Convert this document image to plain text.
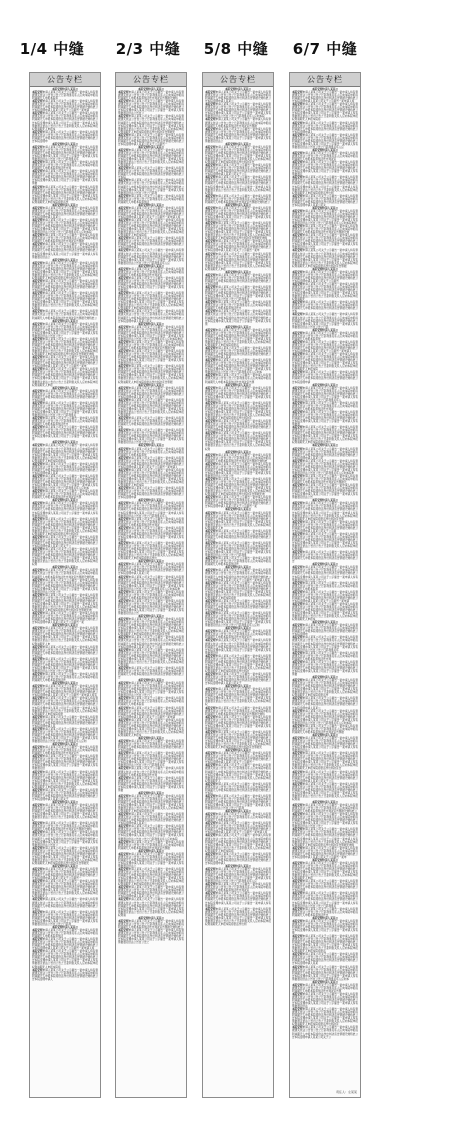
1/4 中缝	2/3 中缝	5/8 中缝	6/7 中缝
公告专栏
本院受理申请人某某公
本院受理申请人某某公司关于公示催告一案申请人持有票据遗失依法公告自公告之日起利害关系人应向本院申报权利逾期无人申报本院将
本院受理申请人某某公司关于公示催告一案申请人持有票据遗失依法公告自公告之日起利害关系人应向本院申报权利逾期无人申报本院将依法作出判决宣告票据无效特此公告本院受理申请人某某公司关于公示催告一案申请
本院受理申请人某某公司关于公示催告一案申请人持有票据遗失依法公告自公告之日起利害关系人应向本院申报权利逾期无人申报本院将依法作出判决宣告票据无效特此公告本院受理申请人某某公司关于公示催告一案申请人持有票据遗失依法公告自公告之日起利害关系人应向本院申报权利逾期无人申报本
本院受理申请人某某公司关于公示催告一案申请人持有票据遗失依法公告自公告之日起利害关系人应向本院申报权利逾期无人申报本院将依法作出判决宣告票据无效特此公告本院受理申
本院受理申请人某某公
本院受理申请人某某公司关于公示催告一案申请人持有票据遗失依法公告自公告之日起利害关系人应向本院申报权利逾期无人申报本院将依法作出判决宣告票据无效特此公告本院受理申请人某某公司关于公示催告一案申请人持有票据遗失依法公告自公告之日起利害关系
本院受理申请人某某公司关于公示催告一案申请人持有票据遗失依法公告自公告之日起利害关系人应向本院申报权利逾期无人申报本院将依法作出判
本院受理申请人某某公司关于公示催告一案申请人持有票据遗失依法公告自公告之日起利害关系人应向本院申报权利逾期无人申报本院将依法作出判决宣告票据无效特此公告本院受理申请人某某公司关于公示催告一案申请人持有票据
本院受理申请人某某公司关于公示催告一案申请人持有票据遗失依法公告自公告之日起利害关系人应向本院申报权利逾期无人申报本院将依法作出判决宣告票据无效特此公告本院受理申请人某某公司关于公示催告一案申请人持有票据遗失依法公告自公告之日起利害关系人应向本院申报权利逾期无人申报本院将依法作
本院受理申请人某某公
本院受理申请人某某公司关于公示催告一案申请人持有票据遗失依法公告自公告之日起利害关系人应向本院申报权利逾期无人申报本院将依法作出判决宣告票据无效特此公告本院受理申请人某某公
本院受理申请人某某公司关于公示催告一案申请人持有票据遗失依法公告自公告之日起利害关系人应向本院申报权利逾期无人申报本院将依法作出判决宣告票据无效特此公告本院受理申请人某某公司关于公示催告一案申请人持有票据遗失依法公告自公告之日起利害关系人应向本院
本院受理申请人某某公司关于公示催告一案申请人持有票据遗失依法公告自公告之日起利害关系人应向本院申报权利逾期无人申报本院将依法作出判决宣告票据
本院受理申请人某某公司关于公示催告一案申请人持有票据遗失依法公告自公告之日起利害关系人应向本院申报权利逾期无人申报本院将依法作出判决宣告票据无效特此公告本院受理申请人某某公司关于公示催告一案申请人持有票据遗失依法公
本院受理申请人某某公
本院受理申请人某某公司关于公示催告一案申请人持有票据遗失依法公告自公告之日起利害关系人应向本院申报权利逾期无人申报本院将依法作出判决宣告票据无效特此公告本院受理申请人某某公司关于公示催告一案申请人持有票据遗失依法公告自公告之日起利害关系人应向本院申报权利逾期无人申报本院将依法作出判决宣告
本院受理申请人某某公司关于公示催告一案申请人持有票据遗失依法公告自公告之日起利害关系人应向本院申报权利逾期无人申报本院将依法作出判决宣告票据无效特此公告本院受理申请人某某公司关于公示
本院受理申请人某某公司关于公示催告一案申请人持有票据遗失依法公告自公告之日起利害关系人应向本院申报权利逾期无人申报本院将依法作出判决宣告票据无效特此公告本院受理申请人某某公司关于公示催告一案申请人持有票据遗失依法公告自公告之日起利害关系人应向本院申报权利逾
本院受理申请人某某公司关于公示催告一案申请人持有票据遗失依法公告自公告之日起利害关系人应向本院申报权利逾期无人申报本院将依法作出判决宣告票据无效特此公
本院受理申请人某某公
本院受理申请人某某公司关于公示催告一案申请人持有票据遗失依法公告自公告之日起利害关系人应向本院申报权利逾期无人申报本院将依法作出判决宣告票据无效特此公告本院受理申请人某某公司关于公示催告一案申请人持有票据遗失依法公告自公告之
本院受理申请人某某公司关于公示催告一案申请人持有票据遗失依法公告自公告之日起利害关系人应向本院申报权利逾期无人申报本院将依法作出判决宣告票据无效特此公告本院受理申请人某某公司关于公示催告一案申请人持有票据遗失依法公告自公告之日起利害关系人应向本院申报权利逾期无人申报本院将依法作出判决宣告票据无效特
本院受理申请人某某公司关于公示催告一案申请人持有票据遗失依法公告自公告之日起利害关系人应向本院申报权利逾期无人申报本院将依法作出判决宣告票据无效特此公告本院受理申请人某某公司关于公示催告一案申
本院受理申请人某某公司关于公示催告一案申请人持有票据遗失依法公告自公告之日起利害关系人应向本院申报权利逾期无人申报本院将依法作出判决宣告票据无效特此公告本院受理申请人某某公司关于公示催告一案申请人持有票据遗失依法公告自公告之日起利害关系人应向本院申报权利逾期无人申报
本院受理申请人某某公
本院受理申请人某某公司关于公示催告一案申请人持有票据遗失依法公告自公告之日起利害关系人应向本院申报权利逾期无人申报本院将依法作出判决宣告票据无效特此公告本院受理
本院受理申请人某某公司关于公示催告一案申请人持有票据遗失依法公告自公告之日起利害关系人应向本院申报权利逾期无人申报本院将依法作出判决宣告票据无效特此公告本院受理申请人某某公司关于公示催告一案申请人持有票据遗失依法公告自公告之日起利害关
本院受理申请人某某公司关于公示催告一案申请人持有票据遗失依法公告自公告之日起利害关系人应向本院申报权利逾期无人申报本院将依法作出
本院受理申请人某某公司关于公示催告一案申请人持有票据遗失依法公告自公告之日起利害关系人应向本院申报权利逾期无人申报本院将依法作出判决宣告票据无效特此公告本院受理申请人某某公司关于公示催告一案申请人持有票
本院受理申请人某某公
本院受理申请人某某公司关于公示催告一案申请人持有票据遗失依法公告自公告之日起利害关系人应向本院申报权利逾期无人申报本院将依法作出判决宣告票据无效特此公告本院受理申请人某某公司关于公示催告一案申请人持有票据遗失依法公告自公告之日起利害关系人应向本院申报权利逾期无人申报本院将依法
本院受理申请人某某公司关于公示催告一案申请人持有票据遗失依法公告自公告之日起利害关系人应向本院申报权利逾期无人申报本院将依法作出判决宣告票据无效特此公告本院受理申请人某某
本院受理申请人某某公司关于公示催告一案申请人持有票据遗失依法公告自公告之日起利害关系人应向本院申报权利逾期无人申报本院将依法作出判决宣告票据无效特此公告本院受理申请人某某公司关于公示催告一案申请人持有票据遗失依法公告自公告之日起利害关系人应向本
本院受理申请人某某公司关于公示催告一案申请人持有票据遗失依法公告自公告之日起利害关系人应向本院申报权利逾期无人申报本院将依法作出判决宣告票
本院受理申请人某某公
本院受理申请人某某公司关于公示催告一案申请人持有票据遗失依法公告自公告之日起利害关系人应向本院申报权利逾期无人申报本院将依法作出判决宣告票据无效特此公告本院受理申请人某某公司关于公示催告一案申请人持有票据遗失依法
本院受理申请人某某公司关于公示催告一案申请人持有票据遗失依法公告自公告之日起利害关系人应向本院申报权利逾期无人申报本院将依法作出判决宣告票据无效特此公告本院受理申请人某某公司关于公示催告一案申请人持有票据遗失依法公告自公告之日起利害关系人应向本院申报权利逾期无人申报本院将依法作出判决宣
本院受理申请人某某公司关于公示催告一案申请人持有票据遗失依法公告自公告之日起利害关系人应向本院申报权利逾期无人申报本院将依法作出判决宣告票据无效特此公告本院受理申请人某某公司关于公
本院受理申请人某某公司关于公示催告一案申请人持有票据遗失依法公告自公告之日起利害关系人应向本院申报权利逾期无人申报本院将依法作出判决宣告票据无效特此公告本院受理申请人某某公司关于公示催告一案申请人持有票据遗失依法公告自公告之日起利害关系人应向本院申报权利
本院受理申请人某某公
本院受理申请人某某公司关于公示催告一案申请人持有票据遗失依法公告自公告之日起利害关系人应向本院申报权利逾期无人申报本院将依法作出判决宣告票据无效特此
本院受理申请人某某公司关于公示催告一案申请人持有票据遗失依法公告自公告之日起利害关系人应向本院申报权利逾期无人申报本院将依法作出判决宣告票据无效特此公告本院受理申请人某某公司关于公示催告一案申请人持有票据遗失依法公告自公告
本院受理申请人某某公司关于公示催告一案申请人持有票据遗失依法公告自公告之日起利害关系人应向本院申报权利逾期无人申报本院将依法作出判决宣告票据无效特此公告本院受理申请人某某公司关于公示催告一案申请人持有票据遗失依法公告自公告之日起利害关系人应向本院申报权利逾期无人申报本院将依法作出判决宣告票据无效
本院受理申请人某某公司关于公示催告一案申请人持有票据遗失依法公告自公告之日起利害关系人应向本院申报权利逾期无人申报本院将依法作出判决宣告票据无效特此公告本院受理申请人某某公司关于公示催告一案
本院受理申请人某某公
本院受理申请人某某公司关于公示催告一案申请人持有票据遗失依法公告自公告之日起利害关系人应向本院申报权利逾期无人申报本院将依法作出判决宣告票据无效特此公告本院受理申请人某某公司关于公示催告一案申请人持有票据遗失依法公告自公告之日起利害关系人应向本院申报权利逾期无人申
本院受理申请人某某公司关于公示催告一案申请人持有票据遗失依法公告自公告之日起利害关系人应向本院申报权利逾期无人申报本院将依法作出判决宣告票据无效特此公告本院受
本院受理申请人某某公司关于公示催告一案申请人持有票据遗失依法公告自公告之日起利害关系人应向本院申报权利逾期无人申报本院将依法作出判决宣告票据无效特此公告本院受理申请人某某公司关于公示催告一案申请人持有票据遗失依法公告自公告之日起利害
本院受理申请人某某公司关于公示催告一案申请人持有票据遗失依法公告自公告之日起利害关系人应向本院申报权利逾期无人申报本院将依法作
本院受理申请人某某公
本院受理申请人某某公司关于公示催告一案申请人持有票据遗失依法公告自公告之日起利害关系人应向本院申报权利逾期无人申报本院将依法作出判决宣告票据无效特此公告本院受理申请人某某公司关于公示催告一案申请人持有
本院受理申请人某某公司关于公示催告一案申请人持有票据遗失依法公告自公告之日起利害关系人应向本院申报权利逾期无人申报本院将依法作出判决宣告票据无效特此公告本院受理申请人某某公司关于公示催告一案申请人持有票据遗失依法公告自公告之日起利害关系人应向本院申报权利逾期无人申报本院将依
本院受理申请人某某公司关于公示催告一案申请人持有票据遗失依法公告自公告之日起利害关系人应向本院申报权利逾期无人申报本院将依法作出判决宣告票据无效特此公告本院受理申请人某
本院受理申请人某某公司关于公示催告一案申请人持有票据遗失依法公告自公告之日起利害关系人应向本院申报权利逾期无人申报本院将依法作出判决宣告票据无效特此公告本院受理申请人某某公司关于公示催告一案申请人持有票据遗失依法公告自公告之日起利害关系人应向
本院受理申请人某某公
本院受理申请人某某公司关于公示催告一案申请人持有票据遗失依法公告自公告之日起利害关系人应向本院申报权利逾期无人申报本院将依法作出判决宣告
本院受理申请人某某公司关于公示催告一案申请人持有票据遗失依法公告自公告之日起利害关系人应向本院申报权利逾期无人申报本院将依法作出判决宣告票据无效特此公告本院受理申请人某某公司关于公示催告一案申请人持有票据遗失依
本院受理申请人某某公司关于公示催告一案申请人持有票据遗失依法公告自公告之日起利害关系人应向本院申报权利逾期无人申报本院将依法作出判决宣告票据无效特此公告本院受理申请人某某公司关于公示催告一案申请人持有票据遗失依法公告自公告之日起利害关系人应向本院申报权利逾期无人申报本院将依法作出判决
本院受理申请人某某公司关于公示催告一案申请人持有票据遗失依法公告自公告之日起利害关系人应向本院申报权利逾期无人申报本院将依法作出判决宣告票据无效特此公告本院受理申请人某某公司关于
本院受理申请人某某公
本院受理申请人某某公司关于公示催告一案申请人持有票据遗失依法公告自公告之日起利害关系人应向本院申报权利逾期无人申报本院将依法作出判决宣告票据无效特此公告本院受理申请人某某公司关于公示催告一案申请人持有票据遗失依法公告自公告之日起利害关系人应向本院申报权
本院受理申请人某某公司关于公示催告一案申请人持有票据遗失依法公告自公告之日起利害关系人应向本院申报权利逾期无人申报本院将依法作出判决宣告票据无效特
本院受理申请人某某公司关于公示催告一案申请人持有票据遗失依法公告自公告之日起利害关系人应向本院申报权利逾期无人申报本院将依法作出判决宣告票据无效特此公告本院受理申请人某某公司关于公示催告一案申请人持有票据遗失依法公告自公
本院受理申请人某某公司关于公示催告一案申请人持有票据遗失依法公告自公告之日起利害关系人应向本院申报权利逾期无人申报本院将依法作出判决宣告票据无效特此公告本院受理申请人某某公司关于公示催告一案申请人持有票据遗失依法公告自公告之日起利害关系人应向本院申报权利逾期无人申报本院将依法作出判决宣告票据无
本院受理申请人某某公
本院受理申请人某某公司关于公示催告一案申请人持有票据遗失依法公告自公告之日起利害关系人应向本院申报权利逾期无人申报本院将依法作出判决宣告票据无效特此公告本院受理申请人某某公司关于公示催告一
本院受理申请人某某公司关于公示催告一案申请人持有票据遗失依法公告自公告之日起利害关系人应向本院申报权利逾期无人申报本院将依法作出判决宣告票据无效特此公告本院受理申请人某某公司关于公示催告一案申请人持有票据遗失依法公告自公告之日起利害关系人应向本院申报权利逾期无人
本院受理申请人某某公司关于公示催告一案申请人持有票据遗失依法公告自公告之日起利害关系人应向本院申报权利逾期无人申报本院将依法作出判决宣告票据无效特此公告本院
本院受理申请人某某公司关于公示催告一案申请人持有票据遗失依法公告自公告之日起利害关系人应向本院申报权利逾期无人申报本院将依法作出判决宣告票据无效特此公告本院受理申请人某某公司关于公示催告一案申请人持有票据遗失依法公告自公告之日起利
本院受理申请人某某公
本院受理申请人某某公司关于公示催告一案申请人持有票据遗失依法公告自公告之日起利害关系人应向本院申报权利逾期无人申报本院将依法
本院受理申请人某某公司关于公示催告一案申请人持有票据遗失依法公告自公告之日起利害关系人应向本院申报权利逾期无人申报本院将依法作出判决宣告票据无效特此公告本院受理申请人某某公司关于公示催告一案申请人持
本院受理申请人某某公司关于公示催告一案申请人持有票据遗失依法公告自公告之日起利害关系人应向本院申报权利逾期无人申报本院将依法作出判决宣告票据无效特此公告本院受理申请人某某公司关于公示催告一案申请人持有票据遗失依法公告自公告之日起利害关系人应向本院申报权利逾期无人申报本院将
本院受理申请人某某公司关于公示催告一案申请人持有票据遗失依法公告自公告之日起利害关系人应向本院申报权利逾期无人申报本院将依法作出判决宣告票据无效特此公告本院受理申请人
公告专栏
本院受理申请人某某公
本院受理申请人某某公司关于公示催告一案申请人持有票据遗失依法公告自公告之日起利害关系人应向本院申报权利逾期无人申报本院将依法作出判决宣告票据无效特
本院受理申请人某某公司关于公示催告一案申请人持有票据遗失依法公告自公告之日起利害关系人应向本院申报权利逾期无人申报本院将依法作出判决宣告票据无效特此公告本院受理申请人某某公司关于公示催告一案申请人持有票据遗失依法公告自公
本院受理申请人某某公司关于公示催告一案申请人持有票据遗失依法公告自公告之日起利害关系人应向本院申报权利逾期无人申报本院将依法作出判决宣告票据无效特此公告本院受理申请人某某公司关于公示催告一案申请人持有票据遗失依法公告自公告之日起利害关系人应向本院申报权利逾期无人申报本院将依法作出判决宣告票据无
本院受理申请人某某公司关于公示催告一案申请人持有票据遗失依法公告自公告之日起利害关系人应向本院申报权利逾期无人申报本院将依法作出判决宣告票据无效特此公告本院受理申请人某某公司关于公示催告一
本院受理申请人某某公
本院受理申请人某某公司关于公示催告一案申请人持有票据遗失依法公告自公告之日起利害关系人应向本院申报权利逾期无人申报本院将依法作出判决宣告票据无效特此公告本院受理申请人某某公司关于公示催告一案申请人持有票据遗失依法公告自公告之日起利害关系人应向本院申报权利逾期无人
本院受理申请人某某公司关于公示催告一案申请人持有票据遗失依法公告自公告之日起利害关系人应向本院申报权利逾期无人申报本院将依法作出判决宣告票据无效特此公告本院
本院受理申请人某某公司关于公示催告一案申请人持有票据遗失依法公告自公告之日起利害关系人应向本院申报权利逾期无人申报本院将依法作出判决宣告票据无效特此公告本院受理申请人某某公司关于公示催告一案申请人持有票据遗失依法公告自公告之日起利
本院受理申请人某某公司关于公示催告一案申请人持有票据遗失依法公告自公告之日起利害关系人应向本院申报权利逾期无人申报本院将依法
本院受理申请人某某公
本院受理申请人某某公司关于公示催告一案申请人持有票据遗失依法公告自公告之日起利害关系人应向本院申报权利逾期无人申报本院将依法作出判决宣告票据无效特此公告本院受理申请人某某公司关于公示催告一案申请人持
本院受理申请人某某公司关于公示催告一案申请人持有票据遗失依法公告自公告之日起利害关系人应向本院申报权利逾期无人申报本院将依法作出判决宣告票据无效特此公告本院受理申请人某某公司关于公示催告一案申请人持有票据遗失依法公告自公告之日起利害关系人应向本院申报权利逾期无人申报本院将
本院受理申请人某某公司关于公示催告一案申请人持有票据遗失依法公告自公告之日起利害关系人应向本院申报权利逾期无人申报本院将依法作出判决宣告票据无效特此公告本院受理申请人
本院受理申请人某某公司关于公示催告一案申请人持有票据遗失依法公告自公告之日起利害关系人应向本院申报权利逾期无人申报本院将依法作出判决宣告票据无效特此公告本院受理申请人某某公司关于公示催告一案申请人持有票据遗失依法公告自公告之日起利害关系人应
本院受理申请人某某公
本院受理申请人某某公司关于公示催告一案申请人持有票据遗失依法公告自公告之日起利害关系人应向本院申报权利逾期无人申报本院将依法作出判决宣
本院受理申请人某某公司关于公示催告一案申请人持有票据遗失依法公告自公告之日起利害关系人应向本院申报权利逾期无人申报本院将依法作出判决宣告票据无效特此公告本院受理申请人某某公司关于公示催告一案申请人持有票据遗失
本院受理申请人某某公司关于公示催告一案申请人持有票据遗失依法公告自公告之日起利害关系人应向本院申报权利逾期无人申报本院将依法作出判决宣告票据无效特此公告本院受理申请人某某公司关于公示催告一案申请人持有票据遗失依法公告自公告之日起利害关系人应向本院申报权利逾期无人申报本院将依法作出判
本院受理申请人某某公司关于公示催告一案申请人持有票据遗失依法公告自公告之日起利害关系人应向本院申报权利逾期无人申报本院将依法作出判决宣告票据无效特此公告本院受理申请人某某公司关
本院受理申请人某某公
本院受理申请人某某公司关于公示催告一案申请人持有票据遗失依法公告自公告之日起利害关系人应向本院申报权利逾期无人申报本院将依法作出判决宣告票据无效特此公告本院受理申请人某某公司关于公示催告一案申请人持有票据遗失依法公告自公告之日起利害关系人应向本院申报
本院受理申请人某某公司关于公示催告一案申请人持有票据遗失依法公告自公告之日起利害关系人应向本院申报权利逾期无人申报本院将依法作出判决宣告票据无效
本院受理申请人某某公司关于公示催告一案申请人持有票据遗失依法公告自公告之日起利害关系人应向本院申报权利逾期无人申报本院将依法作出判决宣告票据无效特此公告本院受理申请人某某公司关于公示催告一案申请人持有票据遗失依法公告自
本院受理申请人某某公司关于公示催告一案申请人持有票据遗失依法公告自公告之日起利害关系人应向本院申报权利逾期无人申报本院将依法作出判决宣告票据无效特此公告本院受理申请人某某公司关于公示催告一案申请人持有票据遗失依法公告自公告之日起利害关系人应向本院申报权利逾期无人申报本院将依法作出判决宣告票据
本院受理申请人某某公
本院受理申请人某某公司关于公示催告一案申请人持有票据遗失依法公告自公告之日起利害关系人应向本院申报权利逾期无人申报本院将依法作出判决宣告票据无效特此公告本院受理申请人某某公司关于公示催告
本院受理申请人某某公司关于公示催告一案申请人持有票据遗失依法公告自公告之日起利害关系人应向本院申报权利逾期无人申报本院将依法作出判决宣告票据无效特此公告本院受理申请人某某公司关于公示催告一案申请人持有票据遗失依法公告自公告之日起利害关系人应向本院申报权利逾期无
本院受理申请人某某公司关于公示催告一案申请人持有票据遗失依法公告自公告之日起利害关系人应向本院申报权利逾期无人申报本院将依法作出判决宣告票据无效特此公告本
本院受理申请人某某公司关于公示催告一案申请人持有票据遗失依法公告自公告之日起利害关系人应向本院申报权利逾期无人申报本院将依法作出判决宣告票据无效特此公告本院受理申请人某某公司关于公示催告一案申请人持有票据遗失依法公告自公告之日起
本院受理申请人某某公
本院受理申请人某某公司关于公示催告一案申请人持有票据遗失依法公告自公告之日起利害关系人应向本院申报权利逾期无人申报本院将依
本院受理申请人某某公司关于公示催告一案申请人持有票据遗失依法公告自公告之日起利害关系人应向本院申报权利逾期无人申报本院将依法作出判决宣告票据无效特此公告本院受理申请人某某公司关于公示催告一案申请人
本院受理申请人某某公司关于公示催告一案申请人持有票据遗失依法公告自公告之日起利害关系人应向本院申报权利逾期无人申报本院将依法作出判决宣告票据无效特此公告本院受理申请人某某公司关于公示催告一案申请人持有票据遗失依法公告自公告之日起利害关系人应向本院申报权利逾期无人申报本院
本院受理申请人某某公司关于公示催告一案申请人持有票据遗失依法公告自公告之日起利害关系人应向本院申报权利逾期无人申报本院将依法作出判决宣告票据无效特此公告本院受理申请
本院受理申请人某某公
本院受理申请人某某公司关于公示催告一案申请人持有票据遗失依法公告自公告之日起利害关系人应向本院申报权利逾期无人申报本院将依法作出判决宣告票据无效特此公告本院受理申请人某某公司关于公示催告一案申请人持有票据遗失依法公告自公告之日起利害关系人
本院受理申请人某某公司关于公示催告一案申请人持有票据遗失依法公告自公告之日起利害关系人应向本院申报权利逾期无人申报本院将依法作出判决
本院受理申请人某某公司关于公示催告一案申请人持有票据遗失依法公告自公告之日起利害关系人应向本院申报权利逾期无人申报本院将依法作出判决宣告票据无效特此公告本院受理申请人某某公司关于公示催告一案申请人持有票据遗
本院受理申请人某某公司关于公示催告一案申请人持有票据遗失依法公告自公告之日起利害关系人应向本院申报权利逾期无人申报本院将依法作出判决宣告票据无效特此公告本院受理申请人某某公司关于公示催告一案申请人持有票据遗失依法公告自公告之日起利害关系人应向本院申报权利逾期无人申报本院将依法作出
本院受理申请人某某公
本院受理申请人某某公司关于公示催告一案申请人持有票据遗失依法公告自公告之日起利害关系人应向本院申报权利逾期无人申报本院将依法作出判决宣告票据无效特此公告本院受理申请人某某公司
本院受理申请人某某公司关于公示催告一案申请人持有票据遗失依法公告自公告之日起利害关系人应向本院申报权利逾期无人申报本院将依法作出判决宣告票据无效特此公告本院受理申请人某某公司关于公示催告一案申请人持有票据遗失依法公告自公告之日起利害关系人应向本院申
本院受理申请人某某公司关于公示催告一案申请人持有票据遗失依法公告自公告之日起利害关系人应向本院申报权利逾期无人申报本院将依法作出判决宣告票据无
本院受理申请人某某公司关于公示催告一案申请人持有票据遗失依法公告自公告之日起利害关系人应向本院申报权利逾期无人申报本院将依法作出判决宣告票据无效特此公告本院受理申请人某某公司关于公示催告一案申请人持有票据遗失依法公告
本院受理申请人某某公
本院受理申请人某某公司关于公示催告一案申请人持有票据遗失依法公告自公告之日起利害关系人应向本院申报权利逾期无人申报本院将依法作出判决宣告票据无效特此公告本院受理申请人某某公司关于公示催告一案申请人持有票据遗失依法公告自公告之日起利害关系人应向本院申报权利逾期无人申报本院将依法作出判决宣告票
本院受理申请人某某公司关于公示催告一案申请人持有票据遗失依法公告自公告之日起利害关系人应向本院申报权利逾期无人申报本院将依法作出判决宣告票据无效特此公告本院受理申请人某某公司关于公示催
本院受理申请人某某公司关于公示催告一案申请人持有票据遗失依法公告自公告之日起利害关系人应向本院申报权利逾期无人申报本院将依法作出判决宣告票据无效特此公告本院受理申请人某某公司关于公示催告一案申请人持有票据遗失依法公告自公告之日起利害关系人应向本院申报权利逾期
本院受理申请人某某公司关于公示催告一案申请人持有票据遗失依法公告自公告之日起利害关系人应向本院申报权利逾期无人申报本院将依法作出判决宣告票据无效特此公告
本院受理申请人某某公
本院受理申请人某某公司关于公示催告一案申请人持有票据遗失依法公告自公告之日起利害关系人应向本院申报权利逾期无人申报本院将依法作出判决宣告票据无效特此公告本院受理申请人某某公司关于公示催告一案申请人持有票据遗失依法公告自公告之日
本院受理申请人某某公司关于公示催告一案申请人持有票据遗失依法公告自公告之日起利害关系人应向本院申报权利逾期无人申报本院将
本院受理申请人某某公司关于公示催告一案申请人持有票据遗失依法公告自公告之日起利害关系人应向本院申报权利逾期无人申报本院将依法作出判决宣告票据无效特此公告本院受理申请人某某公司关于公示催告一案申请
本院受理申请人某某公司关于公示催告一案申请人持有票据遗失依法公告自公告之日起利害关系人应向本院申报权利逾期无人申报本院将依法作出判决宣告票据无效特此公告本院受理申请人某某公司关于公示催告一案申请人持有票据遗失依法公告自公告之日起利害关系人应向本院申报权利逾期无人申报本
本院受理申请人某某公
本院受理申请人某某公司关于公示催告一案申请人持有票据遗失依法公告自公告之日起利害关系人应向本院申报权利逾期无人申报本院将依法作出判决宣告票据无效特此公告本院受理申
本院受理申请人某某公司关于公示催告一案申请人持有票据遗失依法公告自公告之日起利害关系人应向本院申报权利逾期无人申报本院将依法作出判决宣告票据无效特此公告本院受理申请人某某公司关于公示催告一案申请人持有票据遗失依法公告自公告之日起利害关系
本院受理申请人某某公司关于公示催告一案申请人持有票据遗失依法公告自公告之日起利害关系人应向本院申报权利逾期无人申报本院将依法作出判
本院受理申请人某某公司关于公示催告一案申请人持有票据遗失依法公告自公告之日起利害关系人应向本院申报权利逾期无人申报本院将依法作出判决宣告票据无效特此公告本院受理申请人某某公司关于公示催告一案申请人持有票据
本院受理申请人某某公
本院受理申请人某某公司关于公示催告一案申请人持有票据遗失依法公告自公告之日起利害关系人应向本院申报权利逾期无人申报本院将依法作出判决宣告票据无效特此公告本院受理申请人某某公司关于公示催告一案申请人持有票据遗失依法公告自公告之日起利害关系人应向本院申报权利逾期无人申报本院将依法作
本院受理申请人某某公司关于公示催告一案申请人持有票据遗失依法公告自公告之日起利害关系人应向本院申报权利逾期无人申报本院将依法作出判决宣告票据无效特此公告本院受理申请人某某公
本院受理申请人某某公司关于公示催告一案申请人持有票据遗失依法公告自公告之日起利害关系人应向本院申报权利逾期无人申报本院将依法作出判决宣告票据无效特此公告本院受理申请人某某公司关于公示催告一案申请人持有票据遗失依法公告自公告之日起利害关系人应向本院
本院受理申请人某某公司关于公示催告一案申请人持有票据遗失依法公告自公告之日起利害关系人应向本院申报权利逾期无人申报本院将依法作出判决宣告票据
本院受理申请人某某公
本院受理申请人某某公司关于公示催告一案申请人持有票据遗失依法公告自公告之日起利害关系人应向本院申报权利逾期无人申报本院将依法作出判决宣告票据无效特此公告本院受理申请人某某公司关于公示催告一案申请人持有票据遗失依法公
本院受理申请人某某公司关于公示催告一案申请人持有票据遗失依法公告自公告之日起利害关系人应向本院申报权利逾期无人申报本院将依法作出判决宣告票据无效特此公告本院受理申请人某某公司关于公示催告一案申请人持有票据遗失依法公告自公告之日起利害关系人应向本院申报权利逾期无人申报本院将依法作出判决宣告
本院受理申请人某某公司关于公示催告一案申请人持有票据遗失依法公告自公告之日起利害关系人应向本院申报权利逾期无人申报本院将依法作出判决宣告票据无效特此公告本院受理申请人某某公司关于公示
本院受理申请人某某公司关于公示催告一案申请人持有票据遗失依法公告自公告之日起利害关系人应向本院申报权利逾期无人申报本院将依法作出判决宣告票据无效特此公告本院受理申请人某某公司关于公示催告一案申请人持有票据遗失依法公告自公告之日起利害关系人应向本院申报权利逾
本院受理申请人某某公
本院受理申请人某某公司关于公示催告一案申请人持有票据遗失依法公告自公告之日起利害关系人应向本院申报权利逾期无人申报本院将依法作出判决宣告票据无效特此公
本院受理申请人某某公司关于公示催告一案申请人持有票据遗失依法公告自公告之日起利害关系人应向本院申报权利逾期无人申报本院将依法作出判决宣告票据无效特此公告本院受理申请人某某公司关于公示催告一案申请人持有票据遗失依法公告自公告之
公告专栏
本院受理申请人某某公
本院受理申请人某某公司关于公示催告一案申请人持有票据遗失依法公告自公告之日起利害关系人应向本院申报权利逾期无人申报本院将依法作出判决宣告票据无效特此公告本院受理申请人某某公
本院受理申请人某某公司关于公示催告一案申请人持有票据遗失依法公告自公告之日起利害关系人应向本院申报权利逾期无人申报本院将依法作出判决宣告票据无效特此公告本院受理申请人某某公司关于公示催告一案申请人持有票据遗失依法公告自公告之日起利害关系人应向本院
本院受理申请人某某公司关于公示催告一案申请人持有票据遗失依法公告自公告之日起利害关系人应向本院申报权利逾期无人申报本院将依法作出判决宣告票据
本院受理申请人某某公司关于公示催告一案申请人持有票据遗失依法公告自公告之日起利害关系人应向本院申报权利逾期无人申报本院将依法作出判决宣告票据无效特此公告本院受理申请人某某公司关于公示催告一案申请人持有票据遗失依法公
本院受理申请人某某公
本院受理申请人某某公司关于公示催告一案申请人持有票据遗失依法公告自公告之日起利害关系人应向本院申报权利逾期无人申报本院将依法作出判决宣告票据无效特此公告本院受理申请人某某公司关于公示催告一案申请人持有票据遗失依法公告自公告之日起利害关系人应向本院申报权利逾期无人申报本院将依法作出判决宣告
本院受理申请人某某公司关于公示催告一案申请人持有票据遗失依法公告自公告之日起利害关系人应向本院申报权利逾期无人申报本院将依法作出判决宣告票据无效特此公告本院受理申请人某某公司关于公示
本院受理申请人某某公司关于公示催告一案申请人持有票据遗失依法公告自公告之日起利害关系人应向本院申报权利逾期无人申报本院将依法作出判决宣告票据无效特此公告本院受理申请人某某公司关于公示催告一案申请人持有票据遗失依法公告自公告之日起利害关系人应向本院申报权利逾
本院受理申请人某某公司关于公示催告一案申请人持有票据遗失依法公告自公告之日起利害关系人应向本院申报权利逾期无人申报本院将依法作出判决宣告票据无效特此公
本院受理申请人某某公
本院受理申请人某某公司关于公示催告一案申请人持有票据遗失依法公告自公告之日起利害关系人应向本院申报权利逾期无人申报本院将依法作出判决宣告票据无效特此公告本院受理申请人某某公司关于公示催告一案申请人持有票据遗失依法公告自公告之
本院受理申请人某某公司关于公示催告一案申请人持有票据遗失依法公告自公告之日起利害关系人应向本院申报权利逾期无人申报本院将依法作出判决宣告票据无效特此公告本院受理申请人某某公司关于公示催告一案申请人持有票据遗失依法公告自公告之日起利害关系人应向本院申报权利逾期无人申报本院将依法作出判决宣告票据无效特
本院受理申请人某某公司关于公示催告一案申请人持有票据遗失依法公告自公告之日起利害关系人应向本院申报权利逾期无人申报本院将依法作出判决宣告票据无效特此公告本院受理申请人某某公司关于公示催告一案申
本院受理申请人某某公司关于公示催告一案申请人持有票据遗失依法公告自公告之日起利害关系人应向本院申报权利逾期无人申报本院将依法作出判决宣告票据无效特此公告本院受理申请人某某公司关于公示催告一案申请人持有票据遗失依法公告自公告之日起利害关系人应向本院申报权利逾期无人申报
本院受理申请人某某公
本院受理申请人某某公司关于公示催告一案申请人持有票据遗失依法公告自公告之日起利害关系人应向本院申报权利逾期无人申报本院将依法作出判决宣告票据无效特此公告本院受理
本院受理申请人某某公司关于公示催告一案申请人持有票据遗失依法公告自公告之日起利害关系人应向本院申报权利逾期无人申报本院将依法作出判决宣告票据无效特此公告本院受理申请人某某公司关于公示催告一案申请人持有票据遗失依法公告自公告之日起利害关
本院受理申请人某某公司关于公示催告一案申请人持有票据遗失依法公告自公告之日起利害关系人应向本院申报权利逾期无人申报本院将依法作出
本院受理申请人某某公司关于公示催告一案申请人持有票据遗失依法公告自公告之日起利害关系人应向本院申报权利逾期无人申报本院将依法作出判决宣告票据无效特此公告本院受理申请人某某公司关于公示催告一案申请人持有票
本院受理申请人某某公
本院受理申请人某某公司关于公示催告一案申请人持有票据遗失依法公告自公告之日起利害关系人应向本院申报权利逾期无人申报本院将依法作出判决宣告票据无效特此公告本院受理申请人某某公司关于公示催告一案申请人持有票据遗失依法公告自公告之日起利害关系人应向本院申报权利逾期无人申报本院将依法
本院受理申请人某某公司关于公示催告一案申请人持有票据遗失依法公告自公告之日起利害关系人应向本院申报权利逾期无人申报本院将依法作出判决宣告票据无效特此公告本院受理申请人某某
本院受理申请人某某公司关于公示催告一案申请人持有票据遗失依法公告自公告之日起利害关系人应向本院申报权利逾期无人申报本院将依法作出判决宣告票据无效特此公告本院受理申请人某某公司关于公示催告一案申请人持有票据遗失依法公告自公告之日起利害关系人应向本
本院受理申请人某某公司关于公示催告一案申请人持有票据遗失依法公告自公告之日起利害关系人应向本院申报权利逾期无人申报本院将依法作出判决宣告票
本院受理申请人某某公
本院受理申请人某某公司关于公示催告一案申请人持有票据遗失依法公告自公告之日起利害关系人应向本院申报权利逾期无人申报本院将依法作出判决宣告票据无效特此公告本院受理申请人某某公司关于公示催告一案申请人持有票据遗失依法
本院受理申请人某某公司关于公示催告一案申请人持有票据遗失依法公告自公告之日起利害关系人应向本院申报权利逾期无人申报本院将依法作出判决宣告票据无效特此公告本院受理申请人某某公司关于公示催告一案申请人持有票据遗失依法公告自公告之日起利害关系人应向本院申报权利逾期无人申报本院将依法作出判决宣
本院受理申请人某某公司关于公示催告一案申请人持有票据遗失依法公告自公告之日起利害关系人应向本院申报权利逾期无人申报本院将依法作出判决宣告票据无效特此公告本院受理申请人某某公司关于公
本院受理申请人某某公司关于公示催告一案申请人持有票据遗失依法公告自公告之日起利害关系人应向本院申报权利逾期无人申报本院将依法作出判决宣告票据无效特此公告本院受理申请人某某公司关于公示催告一案申请人持有票据遗失依法公告自公告之日起利害关系人应向本院申报权利
本院受理申请人某某公
本院受理申请人某某公司关于公示催告一案申请人持有票据遗失依法公告自公告之日起利害关系人应向本院申报权利逾期无人申报本院将依法作出判决宣告票据无效特此
本院受理申请人某某公司关于公示催告一案申请人持有票据遗失依法公告自公告之日起利害关系人应向本院申报权利逾期无人申报本院将依法作出判决宣告票据无效特此公告本院受理申请人某某公司关于公示催告一案申请人持有票据遗失依法公告自公告
本院受理申请人某某公司关于公示催告一案申请人持有票据遗失依法公告自公告之日起利害关系人应向本院申报权利逾期无人申报本院将依法作出判决宣告票据无效特此公告本院受理申请人某某公司关于公示催告一案申请人持有票据遗失依法公告自公告之日起利害关系人应向本院申报权利逾期无人申报本院将依法作出判决宣告票据无效
本院受理申请人某某公司关于公示催告一案申请人持有票据遗失依法公告自公告之日起利害关系人应向本院申报权利逾期无人申报本院将依法作出判决宣告票据无效特此公告本院受理申请人某某公司关于公示催告一案
本院受理申请人某某公
本院受理申请人某某公司关于公示催告一案申请人持有票据遗失依法公告自公告之日起利害关系人应向本院申报权利逾期无人申报本院将依法作出判决宣告票据无效特此公告本院受理申请人某某公司关于公示催告一案申请人持有票据遗失依法公告自公告之日起利害关系人应向本院申报权利逾期无人申
本院受理申请人某某公司关于公示催告一案申请人持有票据遗失依法公告自公告之日起利害关系人应向本院申报权利逾期无人申报本院将依法作出判决宣告票据无效特此公告本院受
本院受理申请人某某公司关于公示催告一案申请人持有票据遗失依法公告自公告之日起利害关系人应向本院申报权利逾期无人申报本院将依法作出判决宣告票据无效特此公告本院受理申请人某某公司关于公示催告一案申请人持有票据遗失依法公告自公告之日起利害
本院受理申请人某某公司关于公示催告一案申请人持有票据遗失依法公告自公告之日起利害关系人应向本院申报权利逾期无人申报本院将依法作
本院受理申请人某某公
本院受理申请人某某公司关于公示催告一案申请人持有票据遗失依法公告自公告之日起利害关系人应向本院申报权利逾期无人申报本院将依法作出判决宣告票据无效特此公告本院受理申请人某某公司关于公示催告一案申请人持有
本院受理申请人某某公司关于公示催告一案申请人持有票据遗失依法公告自公告之日起利害关系人应向本院申报权利逾期无人申报本院将依法作出判决宣告票据无效特此公告本院受理申请人某某公司关于公示催告一案申请人持有票据遗失依法公告自公告之日起利害关系人应向本院申报权利逾期无人申报本院将依
本院受理申请人某某公司关于公示催告一案申请人持有票据遗失依法公告自公告之日起利害关系人应向本院申报权利逾期无人申报本院将依法作出判决宣告票据无效特此公告本院受理申请人某
本院受理申请人某某公司关于公示催告一案申请人持有票据遗失依法公告自公告之日起利害关系人应向本院申报权利逾期无人申报本院将依法作出判决宣告票据无效特此公告本院受理申请人某某公司关于公示催告一案申请人持有票据遗失依法公告自公告之日起利害关系人应向
本院受理申请人某某公
本院受理申请人某某公司关于公示催告一案申请人持有票据遗失依法公告自公告之日起利害关系人应向本院申报权利逾期无人申报本院将依法作出判决宣告
本院受理申请人某某公司关于公示催告一案申请人持有票据遗失依法公告自公告之日起利害关系人应向本院申报权利逾期无人申报本院将依法作出判决宣告票据无效特此公告本院受理申请人某某公司关于公示催告一案申请人持有票据遗失依
本院受理申请人某某公司关于公示催告一案申请人持有票据遗失依法公告自公告之日起利害关系人应向本院申报权利逾期无人申报本院将依法作出判决宣告票据无效特此公告本院受理申请人某某公司关于公示催告一案申请人持有票据遗失依法公告自公告之日起利害关系人应向本院申报权利逾期无人申报本院将依法作出判决
本院受理申请人某某公司关于公示催告一案申请人持有票据遗失依法公告自公告之日起利害关系人应向本院申报权利逾期无人申报本院将依法作出判决宣告票据无效特此公告本院受理申请人某某公司关于
本院受理申请人某某公
本院受理申请人某某公司关于公示催告一案申请人持有票据遗失依法公告自公告之日起利害关系人应向本院申报权利逾期无人申报本院将依法作出判决宣告票据无效特此公告本院受理申请人某某公司关于公示催告一案申请人持有票据遗失依法公告自公告之日起利害关系人应向本院申报权
本院受理申请人某某公司关于公示催告一案申请人持有票据遗失依法公告自公告之日起利害关系人应向本院申报权利逾期无人申报本院将依法作出判决宣告票据无效特
本院受理申请人某某公司关于公示催告一案申请人持有票据遗失依法公告自公告之日起利害关系人应向本院申报权利逾期无人申报本院将依法作出判决宣告票据无效特此公告本院受理申请人某某公司关于公示催告一案申请人持有票据遗失依法公告自公
本院受理申请人某某公司关于公示催告一案申请人持有票据遗失依法公告自公告之日起利害关系人应向本院申报权利逾期无人申报本院将依法作出判决宣告票据无效特此公告本院受理申请人某某公司关于公示催告一案申请人持有票据遗失依法公告自公告之日起利害关系人应向本院申报权利逾期无人申报本院将依法作出判决宣告票据无
本院受理申请人某某公
本院受理申请人某某公司关于公示催告一案申请人持有票据遗失依法公告自公告之日起利害关系人应向本院申报权利逾期无人申报本院将依法作出判决宣告票据无效特此公告本院受理申请人某某公司关于公示催告一
本院受理申请人某某公司关于公示催告一案申请人持有票据遗失依法公告自公告之日起利害关系人应向本院申报权利逾期无人申报本院将依法作出判决宣告票据无效特此公告本院受理申请人某某公司关于公示催告一案申请人持有票据遗失依法公告自公告之日起利害关系人应向本院申报权利逾期无人
本院受理申请人某某公司关于公示催告一案申请人持有票据遗失依法公告自公告之日起利害关系人应向本院申报权利逾期无人申报本院将依法作出判决宣告票据无效特此公告本院
本院受理申请人某某公司关于公示催告一案申请人持有票据遗失依法公告自公告之日起利害关系人应向本院申报权利逾期无人申报本院将依法作出判决宣告票据无效特此公告本院受理申请人某某公司关于公示催告一案申请人持有票据遗失依法公告自公告之日起利
本院受理申请人某某公
本院受理申请人某某公司关于公示催告一案申请人持有票据遗失依法公告自公告之日起利害关系人应向本院申报权利逾期无人申报本院将依法
本院受理申请人某某公司关于公示催告一案申请人持有票据遗失依法公告自公告之日起利害关系人应向本院申报权利逾期无人申报本院将依法作出判决宣告票据无效特此公告本院受理申请人某某公司关于公示催告一案申请人持
本院受理申请人某某公司关于公示催告一案申请人持有票据遗失依法公告自公告之日起利害关系人应向本院申报权利逾期无人申报本院将依法作出判决宣告票据无效特此公告本院受理申请人某某公司关于公示催告一案申请人持有票据遗失依法公告自公告之日起利害关系人应向本院申报权利逾期无人申报本院将
本院受理申请人某某公司关于公示催告一案申请人持有票据遗失依法公告自公告之日起利害关系人应向本院申报权利逾期无人申报本院将依法作出判决宣告票据无效特此公告本院受理申请人
本院受理申请人某某公
本院受理申请人某某公司关于公示催告一案申请人持有票据遗失依法公告自公告之日起利害关系人应向本院申报权利逾期无人申报本院将依法作出判决宣告票据无效特此公告本院受理申请人某某公司关于公示催告一案申请人持有票据遗失依法公告自公告之日起利害关系人应
本院受理申请人某某公司关于公示催告一案申请人持有票据遗失依法公告自公告之日起利害关系人应向本院申报权利逾期无人申报本院将依法作出判决宣
本院受理申请人某某公司关于公示催告一案申请人持有票据遗失依法公告自公告之日起利害关系人应向本院申报权利逾期无人申报本院将依法作出判决宣告票据无效特此公告本院受理申请人某某公司关于公示催告一案申请人持有票据遗失
本院受理申请人某某公司关于公示催告一案申请人持有票据遗失依法公告自公告之日起利害关系人应向本院申报权利逾期无人申报本院将依法作出判决宣告票据无效特此公告本院受理申请人某某公司关于公示催告一案申请人持有票据遗失依法公告自公告之日起利害关系人应向本院申报权利逾期无人申报本院将依法作出判
公告专栏
本院受理申请人某某公
本院受理申请人某某公司关于公示催告一案申请人持有票据遗失依法公告自公告之日起利害关系人应向本院申报权利逾期无人申报本院将依法作出判决宣告票据无效特此公告本院受理申请人某某公司关于公示催告一案申请人持
本院受理申请人某某公司关于公示催告一案申请人持有票据遗失依法公告自公告之日起利害关系人应向本院申报权利逾期无人申报本院将依法作出判决宣告票据无效特此公告本院受理申请人某某公司关于公示催告一案申请人持有票据遗失依法公告自公告之日起利害关系人应向本院申报权利逾期无人申报本院将
本院受理申请人某某公司关于公示催告一案申请人持有票据遗失依法公告自公告之日起利害关系人应向本院申报权利逾期无人申报本院将依法作出判决宣告票据无效特此公告本院受理申请人
本院受理申请人某某公司关于公示催告一案申请人持有票据遗失依法公告自公告之日起利害关系人应向本院申报权利逾期无人申报本院将依法作出判决宣告票据无效特此公告本院受理申请人某某公司关于公示催告一案申请人持有票据遗失依法公告自公告之日起利害关系人应
本院受理申请人某某公
本院受理申请人某某公司关于公示催告一案申请人持有票据遗失依法公告自公告之日起利害关系人应向本院申报权利逾期无人申报本院将依法作出判决宣
本院受理申请人某某公司关于公示催告一案申请人持有票据遗失依法公告自公告之日起利害关系人应向本院申报权利逾期无人申报本院将依法作出判决宣告票据无效特此公告本院受理申请人某某公司关于公示催告一案申请人持有票据遗失
本院受理申请人某某公司关于公示催告一案申请人持有票据遗失依法公告自公告之日起利害关系人应向本院申报权利逾期无人申报本院将依法作出判决宣告票据无效特此公告本院受理申请人某某公司关于公示催告一案申请人持有票据遗失依法公告自公告之日起利害关系人应向本院申报权利逾期无人申报本院将依法作出判
本院受理申请人某某公司关于公示催告一案申请人持有票据遗失依法公告自公告之日起利害关系人应向本院申报权利逾期无人申报本院将依法作出判决宣告票据无效特此公告本院受理申请人某某公司关
本院受理申请人某某公
本院受理申请人某某公司关于公示催告一案申请人持有票据遗失依法公告自公告之日起利害关系人应向本院申报权利逾期无人申报本院将依法作出判决宣告票据无效特此公告本院受理申请人某某公司关于公示催告一案申请人持有票据遗失依法公告自公告之日起利害关系人应向本院申报
本院受理申请人某某公司关于公示催告一案申请人持有票据遗失依法公告自公告之日起利害关系人应向本院申报权利逾期无人申报本院将依法作出判决宣告票据无效
本院受理申请人某某公司关于公示催告一案申请人持有票据遗失依法公告自公告之日起利害关系人应向本院申报权利逾期无人申报本院将依法作出判决宣告票据无效特此公告本院受理申请人某某公司关于公示催告一案申请人持有票据遗失依法公告自
本院受理申请人某某公司关于公示催告一案申请人持有票据遗失依法公告自公告之日起利害关系人应向本院申报权利逾期无人申报本院将依法作出判决宣告票据无效特此公告本院受理申请人某某公司关于公示催告一案申请人持有票据遗失依法公告自公告之日起利害关系人应向本院申报权利逾期无人申报本院将依法作出判决宣告票据
本院受理申请人某某公
本院受理申请人某某公司关于公示催告一案申请人持有票据遗失依法公告自公告之日起利害关系人应向本院申报权利逾期无人申报本院将依法作出判决宣告票据无效特此公告本院受理申请人某某公司关于公示催告
本院受理申请人某某公司关于公示催告一案申请人持有票据遗失依法公告自公告之日起利害关系人应向本院申报权利逾期无人申报本院将依法作出判决宣告票据无效特此公告本院受理申请人某某公司关于公示催告一案申请人持有票据遗失依法公告自公告之日起利害关系人应向本院申报权利逾期无
本院受理申请人某某公司关于公示催告一案申请人持有票据遗失依法公告自公告之日起利害关系人应向本院申报权利逾期无人申报本院将依法作出判决宣告票据无效特此公告本
本院受理申请人某某公司关于公示催告一案申请人持有票据遗失依法公告自公告之日起利害关系人应向本院申报权利逾期无人申报本院将依法作出判决宣告票据无效特此公告本院受理申请人某某公司关于公示催告一案申请人持有票据遗失依法公告自公告之日起
本院受理申请人某某公
本院受理申请人某某公司关于公示催告一案申请人持有票据遗失依法公告自公告之日起利害关系人应向本院申报权利逾期无人申报本院将依
本院受理申请人某某公司关于公示催告一案申请人持有票据遗失依法公告自公告之日起利害关系人应向本院申报权利逾期无人申报本院将依法作出判决宣告票据无效特此公告本院受理申请人某某公司关于公示催告一案申请人
本院受理申请人某某公司关于公示催告一案申请人持有票据遗失依法公告自公告之日起利害关系人应向本院申报权利逾期无人申报本院将依法作出判决宣告票据无效特此公告本院受理申请人某某公司关于公示催告一案申请人持有票据遗失依法公告自公告之日起利害关系人应向本院申报权利逾期无人申报本院
本院受理申请人某某公司关于公示催告一案申请人持有票据遗失依法公告自公告之日起利害关系人应向本院申报权利逾期无人申报本院将依法作出判决宣告票据无效特此公告本院受理申请
本院受理申请人某某公
本院受理申请人某某公司关于公示催告一案申请人持有票据遗失依法公告自公告之日起利害关系人应向本院申报权利逾期无人申报本院将依法作出判决宣告票据无效特此公告本院受理申请人某某公司关于公示催告一案申请人持有票据遗失依法公告自公告之日起利害关系人
本院受理申请人某某公司关于公示催告一案申请人持有票据遗失依法公告自公告之日起利害关系人应向本院申报权利逾期无人申报本院将依法作出判决
本院受理申请人某某公司关于公示催告一案申请人持有票据遗失依法公告自公告之日起利害关系人应向本院申报权利逾期无人申报本院将依法作出判决宣告票据无效特此公告本院受理申请人某某公司关于公示催告一案申请人持有票据遗
本院受理申请人某某公司关于公示催告一案申请人持有票据遗失依法公告自公告之日起利害关系人应向本院申报权利逾期无人申报本院将依法作出判决宣告票据无效特此公告本院受理申请人某某公司关于公示催告一案申请人持有票据遗失依法公告自公告之日起利害关系人应向本院申报权利逾期无人申报本院将依法作出
本院受理申请人某某公
本院受理申请人某某公司关于公示催告一案申请人持有票据遗失依法公告自公告之日起利害关系人应向本院申报权利逾期无人申报本院将依法作出判决宣告票据无效特此公告本院受理申请人某某公司
本院受理申请人某某公司关于公示催告一案申请人持有票据遗失依法公告自公告之日起利害关系人应向本院申报权利逾期无人申报本院将依法作出判决宣告票据无效特此公告本院受理申请人某某公司关于公示催告一案申请人持有票据遗失依法公告自公告之日起利害关系人应向本院申
本院受理申请人某某公司关于公示催告一案申请人持有票据遗失依法公告自公告之日起利害关系人应向本院申报权利逾期无人申报本院将依法作出判决宣告票据无
本院受理申请人某某公司关于公示催告一案申请人持有票据遗失依法公告自公告之日起利害关系人应向本院申报权利逾期无人申报本院将依法作出判决宣告票据无效特此公告本院受理申请人某某公司关于公示催告一案申请人持有票据遗失依法公告
本院受理申请人某某公
本院受理申请人某某公司关于公示催告一案申请人持有票据遗失依法公告自公告之日起利害关系人应向本院申报权利逾期无人申报本院将依法作出判决宣告票据无效特此公告本院受理申请人某某公司关于公示催告一案申请人持有票据遗失依法公告自公告之日起利害关系人应向本院申报权利逾期无人申报本院将依法作出判决宣告票
本院受理申请人某某公司关于公示催告一案申请人持有票据遗失依法公告自公告之日起利害关系人应向本院申报权利逾期无人申报本院将依法作出判决宣告票据无效特此公告本院受理申请人某某公司关于公示催
本院受理申请人某某公司关于公示催告一案申请人持有票据遗失依法公告自公告之日起利害关系人应向本院申报权利逾期无人申报本院将依法作出判决宣告票据无效特此公告本院受理申请人某某公司关于公示催告一案申请人持有票据遗失依法公告自公告之日起利害关系人应向本院申报权利逾期
本院受理申请人某某公司关于公示催告一案申请人持有票据遗失依法公告自公告之日起利害关系人应向本院申报权利逾期无人申报本院将依法作出判决宣告票据无效特此公告
本院受理申请人某某公
本院受理申请人某某公司关于公示催告一案申请人持有票据遗失依法公告自公告之日起利害关系人应向本院申报权利逾期无人申报本院将依法作出判决宣告票据无效特此公告本院受理申请人某某公司关于公示催告一案申请人持有票据遗失依法公告自公告之日
本院受理申请人某某公司关于公示催告一案申请人持有票据遗失依法公告自公告之日起利害关系人应向本院申报权利逾期无人申报本院将
本院受理申请人某某公司关于公示催告一案申请人持有票据遗失依法公告自公告之日起利害关系人应向本院申报权利逾期无人申报本院将依法作出判决宣告票据无效特此公告本院受理申请人某某公司关于公示催告一案申请
本院受理申请人某某公司关于公示催告一案申请人持有票据遗失依法公告自公告之日起利害关系人应向本院申报权利逾期无人申报本院将依法作出判决宣告票据无效特此公告本院受理申请人某某公司关于公示催告一案申请人持有票据遗失依法公告自公告之日起利害关系人应向本院申报权利逾期无人申报本
本院受理申请人某某公
本院受理申请人某某公司关于公示催告一案申请人持有票据遗失依法公告自公告之日起利害关系人应向本院申报权利逾期无人申报本院将依法作出判决宣告票据无效特此公告本院受理申
本院受理申请人某某公司关于公示催告一案申请人持有票据遗失依法公告自公告之日起利害关系人应向本院申报权利逾期无人申报本院将依法作出判决宣告票据无效特此公告本院受理申请人某某公司关于公示催告一案申请人持有票据遗失依法公告自公告之日起利害关系
本院受理申请人某某公司关于公示催告一案申请人持有票据遗失依法公告自公告之日起利害关系人应向本院申报权利逾期无人申报本院将依法作出判
本院受理申请人某某公司关于公示催告一案申请人持有票据遗失依法公告自公告之日起利害关系人应向本院申报权利逾期无人申报本院将依法作出判决宣告票据无效特此公告本院受理申请人某某公司关于公示催告一案申请人持有票据
本院受理申请人某某公
本院受理申请人某某公司关于公示催告一案申请人持有票据遗失依法公告自公告之日起利害关系人应向本院申报权利逾期无人申报本院将依法作出判决宣告票据无效特此公告本院受理申请人某某公司关于公示催告一案申请人持有票据遗失依法公告自公告之日起利害关系人应向本院申报权利逾期无人申报本院将依法作
本院受理申请人某某公司关于公示催告一案申请人持有票据遗失依法公告自公告之日起利害关系人应向本院申报权利逾期无人申报本院将依法作出判决宣告票据无效特此公告本院受理申请人某某公
本院受理申请人某某公司关于公示催告一案申请人持有票据遗失依法公告自公告之日起利害关系人应向本院申报权利逾期无人申报本院将依法作出判决宣告票据无效特此公告本院受理申请人某某公司关于公示催告一案申请人持有票据遗失依法公告自公告之日起利害关系人应向本院
本院受理申请人某某公司关于公示催告一案申请人持有票据遗失依法公告自公告之日起利害关系人应向本院申报权利逾期无人申报本院将依法作出判决宣告票据
本院受理申请人某某公
本院受理申请人某某公司关于公示催告一案申请人持有票据遗失依法公告自公告之日起利害关系人应向本院申报权利逾期无人申报本院将依法作出判决宣告票据无效特此公告本院受理申请人某某公司关于公示催告一案申请人持有票据遗失依法公
本院受理申请人某某公司关于公示催告一案申请人持有票据遗失依法公告自公告之日起利害关系人应向本院申报权利逾期无人申报本院将依法作出判决宣告票据无效特此公告本院受理申请人某某公司关于公示催告一案申请人持有票据遗失依法公告自公告之日起利害关系人应向本院申报权利逾期无人申报本院将依法作出判决宣告
本院受理申请人某某公司关于公示催告一案申请人持有票据遗失依法公告自公告之日起利害关系人应向本院申报权利逾期无人申报本院将依法作出判决宣告票据无效特此公告本院受理申请人某某公司关于公示
本院受理申请人某某公司关于公示催告一案申请人持有票据遗失依法公告自公告之日起利害关系人应向本院申报权利逾期无人申报本院将依法作出判决宣告票据无效特此公告本院受理申请人某某公司关于公示催告一案申请人持有票据遗失依法公告自公告之日起利害关系人应向本院申报权利逾
本院受理申请人某某公
本院受理申请人某某公司关于公示催告一案申请人持有票据遗失依法公告自公告之日起利害关系人应向本院申报权利逾期无人申报本院将依法作出判决宣告票据无效特此公
本院受理申请人某某公司关于公示催告一案申请人持有票据遗失依法公告自公告之日起利害关系人应向本院申报权利逾期无人申报本院将依法作出判决宣告票据无效特此公告本院受理申请人某某公司关于公示催告一案申请人持有票据遗失依法公告自公告之
本院受理申请人某某公司关于公示催告一案申请人持有票据遗失依法公告自公告之日起利害关系人应向本院申报权利逾期无人申报本院将依法作出判决宣告票据无效特此公告本院受理申请人某某公司关于公示催告一案申请人持有票据遗失依法公告自公告之日起利害关系人应向本院申报权利逾期无人申报本院将依法作出判决宣告票据无效特
本院受理申请人某某公司关于公示催告一案申请人持有票据遗失依法公告自公告之日起利害关系人应向本院申报权利逾期无人申报本院将依法作出判决宣告票据无效特此公告本院受理申请人某某公司关于公示催告一案申
本院受理申请人某某公
本院受理申请人某某公司关于公示催告一案申请人持有票据遗失依法公告自公告之日起利害关系人应向本院申报权利逾期无人申报本院将依法作出判决宣告票据无效特此公告本院受理申请人某某公司关于公示催告一案申请人持有票据遗失依法公告自公告之日起利害关系人应向本院申报权利逾期无人申报
本院受理申请人某某公司关于公示催告一案申请人持有票据遗失依法公告自公告之日起利害关系人应向本院申报权利逾期无人申报本院将依法作出判决宣告票据无效特此公告本院受理
本院受理申请人某某公司关于公示催告一案申请人持有票据遗失依法公告自公告之日起利害关系人应向本院申报权利逾期无人申报本院将依法作出判决宣告票据无效特此公告本院受理申请人某某公司关于公示催告一案申请人持有票据遗失依法公告自公告之日起利害关
本院受理申请人某某公司关于公示催告一案申请人持有票据遗失依法公告自公告之日起利害关系人应向本院申报权利逾期无人申报本院将依法作出
本院受理申请人某某公
本院受理申请人某某公司关于公示催告一案申请人持有票据遗失依法公告自公告之日起利害关系人应向本院申报权利逾期无人申报本院将依法作出判决宣告票据无效特此公告本院受理申请人某某公司关于公示催告一案申请人持有票
本院受理申请人某某公司关于公示催告一案申请人持有票据遗失依法公告自公告之日起利害关系人应向本院申报权利逾期无人申报本院将依法作出判决宣告票据无效特此公告本院受理申请人某某公司关于公示催告一案申请人持有票据遗失依法公告自公告之日起利害关系人应向本院申报权利逾期无人申报本院将依法
本院受理申请人某某公司关于公示催告一案申请人持有票据遗失依法公告自公告之日起利害关系人应向本院申报权利逾期无人申报本院将依法作出判决宣告票据无效特此公告本院受理申请人某某
本院受理申请人某某公司关于公示催告一案申请人持有票据遗失依法公告自公告之日起利害关系人应向本院申报权利逾期无人申报本院将依法作出判决宣告票据无效特此公告本院受理申请人某某公司关于公示催告一案申请人持有票据遗失依法公告自公告之日起利害关系人应向本
本院受理申请人某某公
本院受理申请人某某公司关于公示催告一案申请人持有票据遗失依法公告自公告之日起利害关系人应向本院申报权利逾期无人申报本院将依法作出判决宣告票
本院受理申请人某某公司关于公示催告一案申请人持有票据遗失依法公告自公告之日起利害关系人应向本院申报权利逾期无人申报本院将依法作出判决宣告票据无效特此公告本院受理申请人某某公司关于公示催告一案申请人持有票据遗失依法
本院受理申请人某某公司关于公示催告一案申请人持有票据遗失依法公告自公告之日起利害关系人应向本院申报权利逾期无人申报本院将依法作出判决宣告票据无效特此公告本院受理申请人某某公司关于公示催告一案申请人持有票据遗失依法公告自公告之日起利害关系人应向本院申报权利逾期无人申报本院将依法作出判决宣
本院受理申请人某某公司关于公示催告一案申请人持有票据遗失依法公告自公告之日起利害关系人应向本院申报权利逾期无人申报本院将依法作出判决宣告票据无效特此公告本院受理申请人某某公司关于公
责任人：左某某
